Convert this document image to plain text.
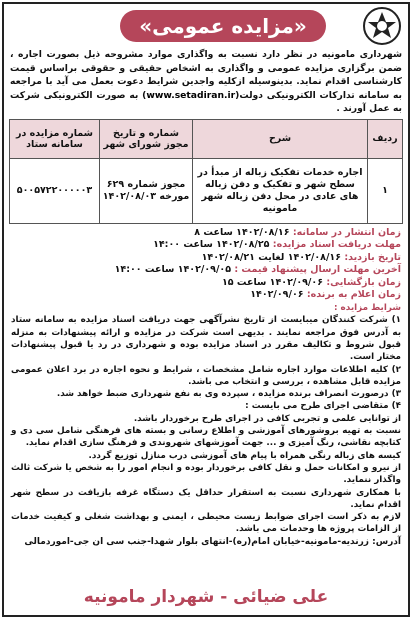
«مزایده عمومی»
شهرداری مامونیه در نظر دارد نسبت به واگذاری موارد مشروحه ذیل بصورت اجاره ، ضمن برگزاری مزایده عمومی و واگذاری به اشخاص حقیقی و حقوقی براساس قیمت کارشناسی اقدام نماید. بدینوسیله ازکلیه واجدین شرایط دعوت بعمل می آید با مراجعه به سامانه تدارکات الکترونیکی دولت(www.setadiran.ir) به صورت الکترونیکی شرکت به عمل آورند .
ردیف	شرح	شماره و تاریخ مجوز شورای شهر	شماره مزایده در سامانه ستاد
۱	اجاره خدمات تفکیک زباله از مبدأ در سطح شهر و تفکیک و دفن زباله های عادی در محل دفن زباله شهر مامونیه	مجوز شماره ۶۲۹ مورخه ۱۴۰۲/۰۸/۰۳	۵۰۰۵۷۲۲۰۰۰۰۰۳
زمان انتشار در سامانه: ۱۴۰۲/۰۸/۱۶ ساعت ۸
مهلت دریافت اسناد مزایده: ۱۴۰۲/۰۸/۲۵ ساعت ۱۴:۰۰
تاریخ بازدید: ۱۴۰۲/۰۸/۱۶ لغایت ۱۴۰۲/۰۸/۲۱
آخرین مهلت ارسال پیشنهاد قیمت : ۱۴۰۲/۰۹/۰۵ ساعت ۱۴:۰۰
زمان بازگشایی: ۱۴۰۲/۰۹/۰۶ ساعت ۱۵
زمان اعلام به برنده: ۱۴۰۲/۰۹/۰۶
شرایط مزایده :
۱) شرکت کنندگان میبایست از تاریخ نشرآگهی جهت دریافت اسناد مزایده به سامانه ستاد به آدرس فوق مراجعه نمایند . بدیهی است شرکت در مزایده و ارائه پیشنهادات به منزله قبول شروط و تکالیف مقرر در اسناد مزایده بوده و شهرداری در رد یا قبول پیشنهادات مختار است.
۲) کلیه اطلاعات موارد اجاره شامل مشخصات ، شرایط و نحوه اجاره در برد اعلان عمومی مزایده قابل مشاهده ، بررسی و انتخاب می باشد.
۳) درصورت انصراف برنده مزایده ، سپرده وی به نفع شهرداری ضبط خواهد شد.
۴) متقاضی اجرای طرح می بایست :
از توانایی علمی و تجربی کافی در اجرای طرح برخوردار باشد.
نسبت به تهیه بروشورهای آموزشی و اطلاع رسانی و بسته های فرهنگی شامل سی دی و کتابچه نقاشی، رنگ آمیزی و ... جهت آموزشهای شهروندی و فرهنگ سازی اقدام نماید.
کیسه های زباله رنگی همراه با پیام های آموزشی درب منازل توزیع گردد.
از نیرو و امکانات حمل و نقل کافی برخوردار بوده و انجام امور را به شخص یا شرکت ثالث واگذار ننماید.
با همکاری شهرداری نسبت به استقرار حداقل یک دستگاه غرفه بازیافت در سطح شهر اقدام نماید.
لازم به ذکر است اجرای ضوابط زیست محیطی ، ایمنی و بهداشت شغلی و کیفیت خدمات از الزامات پروژه ها وحدمات می باشد.
آدرس: زرندیه-مامونیه-خیابان امام(ره)-انتهای بلوار شهدا-جنب سی ان جی-اموردمالی
علی ضیائی - شهردار مامونیه
